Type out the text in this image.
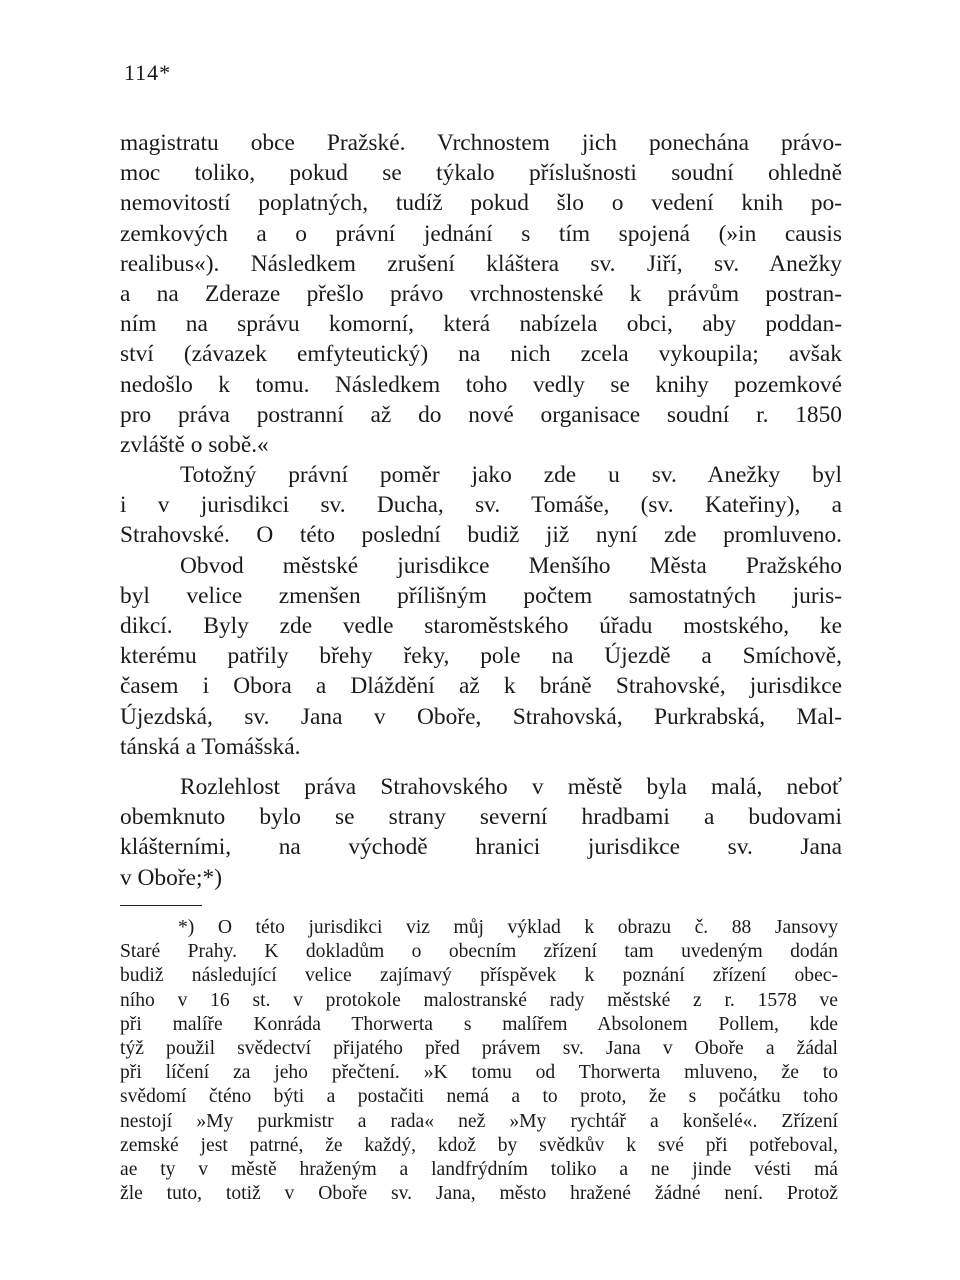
114*
magistratu obce Pražské. Vrchnostem jich ponechána právo-
moc toliko, pokud se týkalo příslušnosti soudní ohledně
nemovitostí poplatných, tudíž pokud šlo o vedení knih po-
zemkových a o právní jednání s tím spojená (»in causis
realibus«). Následkem zrušení kláštera sv. Jiří, sv. Anežky
a na Zderaze přešlo právo vrchnostenské k právům postran-
ním na správu komorní, která nabízela obci, aby poddan-
ství (závazek emfyteutický) na nich zcela vykoupila; avšak
nedošlo k tomu. Následkem toho vedly se knihy pozemkové
pro práva postranní až do nové organisace soudní r. 1850
zvláště o sobě.«
Totožný právní poměr jako zde u sv. Anežky byl
i v jurisdikci sv. Ducha, sv. Tomáše, (sv. Kateřiny), a
Strahovské. O této poslední budiž již nyní zde promluveno.
Obvod městské jurisdikce Menšího Města Pražského
byl velice zmenšen přílišným počtem samostatných juris-
dikcí. Byly zde vedle staroměstského úřadu mostského, ke
kterému patřily břehy řeky, pole na Újezdě a Smíchově,
časem i Obora a Dláždění až k bráně Strahovské, jurisdikce
Újezdská, sv. Jana v Oboře, Strahovská, Purkrabská, Mal-
tánská a Tomášská.
Rozlehlost práva Strahovského v městě byla malá, neboť
obemknuto bylo se strany severní hradbami a budovami
klášterními, na východě hranici jurisdikce sv. Jana
v Oboře;*)
*) O této jurisdikci viz můj výklad k obrazu č. 88 Jansovy
Staré Prahy. K dokladům o obecním zřízení tam uvedeným dodán
budiž následující velice zajímavý příspěvek k poznání zřízení obec-
ního v 16 st. v protokole malostranské rady městské z r. 1578 ve
při malíře Konráda Thorwerta s malířem Absolonem Pollem, kde
týž použil svědectví přijatého před právem sv. Jana v Oboře a žádal
při líčení za jeho přečtení. »K tomu od Thorwerta mluveno, že to
svědomí čténo býti a postačiti nemá a to proto, že s počátku toho
nestojí »My purkmistr a rada« než »My rychtář a konšelé«. Zřízení
zemské jest patrné, že každý, kdož by svědkův k své při potřeboval,
ae ty v městě hraženým a landfrýdním toliko a ne jinde vésti má
žle tuto, totiž v Oboře sv. Jana, město hražené žádné není. Protož
